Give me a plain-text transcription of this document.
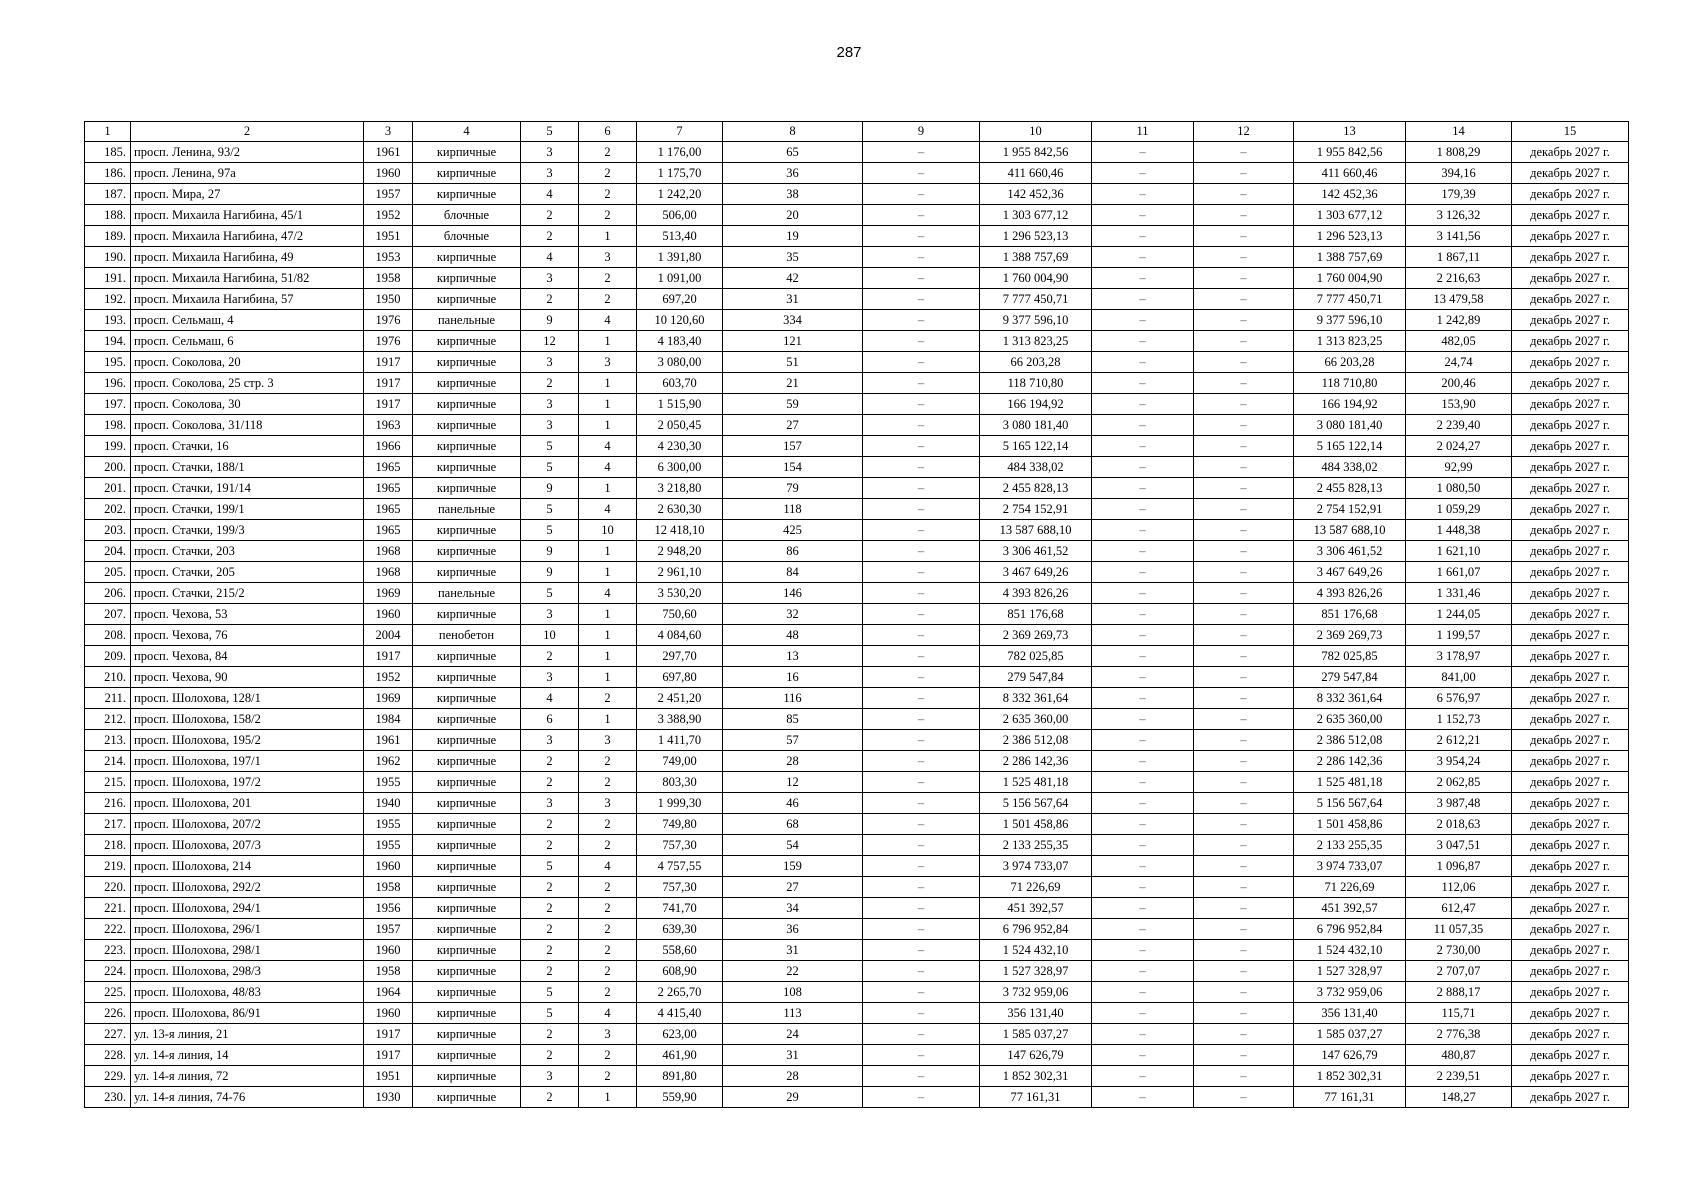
287
1	2	3	4	5	6	7	8	9	10	11	12	13	14	15
185.	просп. Ленина, 93/2	1961	кирпичные	3	2	1 176,00	65	–	1 955 842,56	–	–	1 955 842,56	1 808,29	декабрь 2027 г.
186.	просп. Ленина, 97а	1960	кирпичные	3	2	1 175,70	36	–	411 660,46	–	–	411 660,46	394,16	декабрь 2027 г.
187.	просп. Мира, 27	1957	кирпичные	4	2	1 242,20	38	–	142 452,36	–	–	142 452,36	179,39	декабрь 2027 г.
188.	просп. Михаила Нагибина, 45/1	1952	блочные	2	2	506,00	20	–	1 303 677,12	–	–	1 303 677,12	3 126,32	декабрь 2027 г.
189.	просп. Михаила Нагибина, 47/2	1951	блочные	2	1	513,40	19	–	1 296 523,13	–	–	1 296 523,13	3 141,56	декабрь 2027 г.
190.	просп. Михаила Нагибина, 49	1953	кирпичные	4	3	1 391,80	35	–	1 388 757,69	–	–	1 388 757,69	1 867,11	декабрь 2027 г.
191.	просп. Михаила Нагибина, 51/82	1958	кирпичные	3	2	1 091,00	42	–	1 760 004,90	–	–	1 760 004,90	2 216,63	декабрь 2027 г.
192.	просп. Михаила Нагибина, 57	1950	кирпичные	2	2	697,20	31	–	7 777 450,71	–	–	7 777 450,71	13 479,58	декабрь 2027 г.
193.	просп. Сельмаш, 4	1976	панельные	9	4	10 120,60	334	–	9 377 596,10	–	–	9 377 596,10	1 242,89	декабрь 2027 г.
194.	просп. Сельмаш, 6	1976	кирпичные	12	1	4 183,40	121	–	1 313 823,25	–	–	1 313 823,25	482,05	декабрь 2027 г.
195.	просп. Соколова, 20	1917	кирпичные	3	3	3 080,00	51	–	66 203,28	–	–	66 203,28	24,74	декабрь 2027 г.
196.	просп. Соколова, 25 стр. 3	1917	кирпичные	2	1	603,70	21	–	118 710,80	–	–	118 710,80	200,46	декабрь 2027 г.
197.	просп. Соколова, 30	1917	кирпичные	3	1	1 515,90	59	–	166 194,92	–	–	166 194,92	153,90	декабрь 2027 г.
198.	просп. Соколова, 31/118	1963	кирпичные	3	1	2 050,45	27	–	3 080 181,40	–	–	3 080 181,40	2 239,40	декабрь 2027 г.
199.	просп. Стачки, 16	1966	кирпичные	5	4	4 230,30	157	–	5 165 122,14	–	–	5 165 122,14	2 024,27	декабрь 2027 г.
200.	просп. Стачки, 188/1	1965	кирпичные	5	4	6 300,00	154	–	484 338,02	–	–	484 338,02	92,99	декабрь 2027 г.
201.	просп. Стачки, 191/14	1965	кирпичные	9	1	3 218,80	79	–	2 455 828,13	–	–	2 455 828,13	1 080,50	декабрь 2027 г.
202.	просп. Стачки, 199/1	1965	панельные	5	4	2 630,30	118	–	2 754 152,91	–	–	2 754 152,91	1 059,29	декабрь 2027 г.
203.	просп. Стачки, 199/3	1965	кирпичные	5	10	12 418,10	425	–	13 587 688,10	–	–	13 587 688,10	1 448,38	декабрь 2027 г.
204.	просп. Стачки, 203	1968	кирпичные	9	1	2 948,20	86	–	3 306 461,52	–	–	3 306 461,52	1 621,10	декабрь 2027 г.
205.	просп. Стачки, 205	1968	кирпичные	9	1	2 961,10	84	–	3 467 649,26	–	–	3 467 649,26	1 661,07	декабрь 2027 г.
206.	просп. Стачки, 215/2	1969	панельные	5	4	3 530,20	146	–	4 393 826,26	–	–	4 393 826,26	1 331,46	декабрь 2027 г.
207.	просп. Чехова, 53	1960	кирпичные	3	1	750,60	32	–	851 176,68	–	–	851 176,68	1 244,05	декабрь 2027 г.
208.	просп. Чехова, 76	2004	пенобетон	10	1	4 084,60	48	–	2 369 269,73	–	–	2 369 269,73	1 199,57	декабрь 2027 г.
209.	просп. Чехова, 84	1917	кирпичные	2	1	297,70	13	–	782 025,85	–	–	782 025,85	3 178,97	декабрь 2027 г.
210.	просп. Чехова, 90	1952	кирпичные	3	1	697,80	16	–	279 547,84	–	–	279 547,84	841,00	декабрь 2027 г.
211.	просп. Шолохова, 128/1	1969	кирпичные	4	2	2 451,20	116	–	8 332 361,64	–	–	8 332 361,64	6 576,97	декабрь 2027 г.
212.	просп. Шолохова, 158/2	1984	кирпичные	6	1	3 388,90	85	–	2 635 360,00	–	–	2 635 360,00	1 152,73	декабрь 2027 г.
213.	просп. Шолохова, 195/2	1961	кирпичные	3	3	1 411,70	57	–	2 386 512,08	–	–	2 386 512,08	2 612,21	декабрь 2027 г.
214.	просп. Шолохова, 197/1	1962	кирпичные	2	2	749,00	28	–	2 286 142,36	–	–	2 286 142,36	3 954,24	декабрь 2027 г.
215.	просп. Шолохова, 197/2	1955	кирпичные	2	2	803,30	12	–	1 525 481,18	–	–	1 525 481,18	2 062,85	декабрь 2027 г.
216.	просп. Шолохова, 201	1940	кирпичные	3	3	1 999,30	46	–	5 156 567,64	–	–	5 156 567,64	3 987,48	декабрь 2027 г.
217.	просп. Шолохова, 207/2	1955	кирпичные	2	2	749,80	68	–	1 501 458,86	–	–	1 501 458,86	2 018,63	декабрь 2027 г.
218.	просп. Шолохова, 207/3	1955	кирпичные	2	2	757,30	54	–	2 133 255,35	–	–	2 133 255,35	3 047,51	декабрь 2027 г.
219.	просп. Шолохова, 214	1960	кирпичные	5	4	4 757,55	159	–	3 974 733,07	–	–	3 974 733,07	1 096,87	декабрь 2027 г.
220.	просп. Шолохова, 292/2	1958	кирпичные	2	2	757,30	27	–	71 226,69	–	–	71 226,69	112,06	декабрь 2027 г.
221.	просп. Шолохова, 294/1	1956	кирпичные	2	2	741,70	34	–	451 392,57	–	–	451 392,57	612,47	декабрь 2027 г.
222.	просп. Шолохова, 296/1	1957	кирпичные	2	2	639,30	36	–	6 796 952,84	–	–	6 796 952,84	11 057,35	декабрь 2027 г.
223.	просп. Шолохова, 298/1	1960	кирпичные	2	2	558,60	31	–	1 524 432,10	–	–	1 524 432,10	2 730,00	декабрь 2027 г.
224.	просп. Шолохова, 298/3	1958	кирпичные	2	2	608,90	22	–	1 527 328,97	–	–	1 527 328,97	2 707,07	декабрь 2027 г.
225.	просп. Шолохова, 48/83	1964	кирпичные	5	2	2 265,70	108	–	3 732 959,06	–	–	3 732 959,06	2 888,17	декабрь 2027 г.
226.	просп. Шолохова, 86/91	1960	кирпичные	5	4	4 415,40	113	–	356 131,40	–	–	356 131,40	115,71	декабрь 2027 г.
227.	ул. 13-я линия, 21	1917	кирпичные	2	3	623,00	24	–	1 585 037,27	–	–	1 585 037,27	2 776,38	декабрь 2027 г.
228.	ул. 14-я линия, 14	1917	кирпичные	2	2	461,90	31	–	147 626,79	–	–	147 626,79	480,87	декабрь 2027 г.
229.	ул. 14-я линия, 72	1951	кирпичные	3	2	891,80	28	–	1 852 302,31	–	–	1 852 302,31	2 239,51	декабрь 2027 г.
230.	ул. 14-я линия, 74-76	1930	кирпичные	2	1	559,90	29	–	77 161,31	–	–	77 161,31	148,27	декабрь 2027 г.
